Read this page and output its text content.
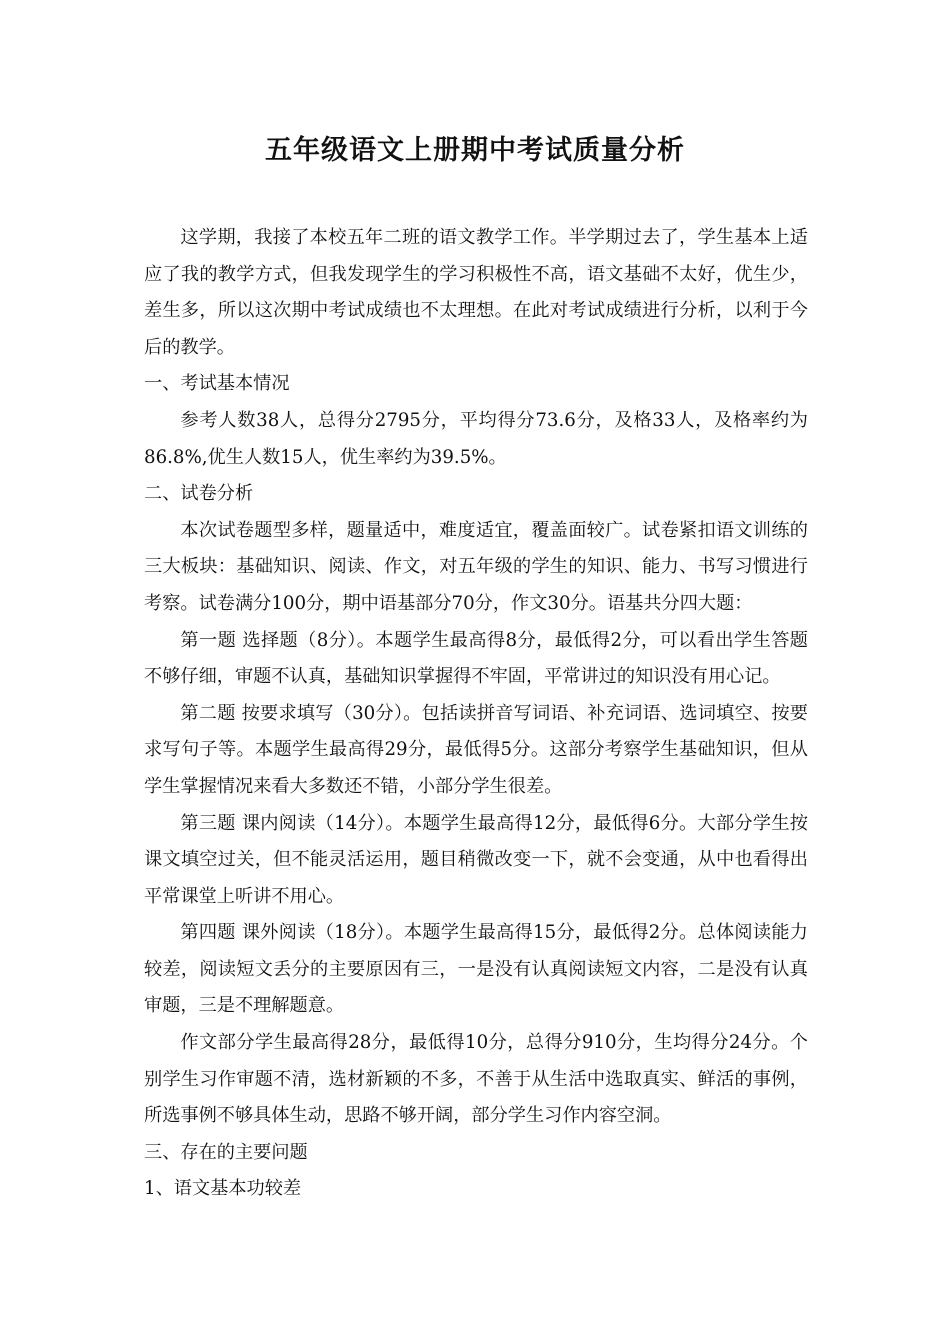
五年级语文上册期中考试质量分析

这学期，我接了本校五年二班的语文教学工作。半学期过去了，学生基本上适应了我的教学方式，但我发现学生的学习积极性不高，语文基础不太好，优生少，差生多，所以这次期中考试成绩也不太理想。在此对考试成绩进行分析，以利于今后的教学。

一、考试基本情况

参考人数38人，总得分2795分，平均得分73.6分，及格33人，及格率约为86.8%,优生人数15人，优生率约为39.5%。

二、试卷分析

本次试卷题型多样，题量适中，难度适宜，覆盖面较广。试卷紧扣语文训练的三大板块：基础知识、阅读、作文，对五年级的学生的知识、能力、书写习惯进行考察。试卷满分100分，期中语基部分70分，作文30分。语基共分四大题：

第一题 选择题（8分）。本题学生最高得8分，最低得2分，可以看出学生答题不够仔细，审题不认真，基础知识掌握得不牢固，平常讲过的知识没有用心记。

第二题 按要求填写（30分）。包括读拼音写词语、补充词语、选词填空、按要求写句子等。本题学生最高得29分，最低得5分。这部分考察学生基础知识，但从学生掌握情况来看大多数还不错，小部分学生很差。

第三题 课内阅读（14分）。本题学生最高得12分，最低得6分。大部分学生按课文填空过关，但不能灵活运用，题目稍微改变一下，就不会变通，从中也看得出平常课堂上听讲不用心。

第四题 课外阅读（18分）。本题学生最高得15分，最低得2分。总体阅读能力较差，阅读短文丢分的主要原因有三，一是没有认真阅读短文内容，二是没有认真审题，三是不理解题意。

作文部分学生最高得28分，最低得10分，总得分910分，生均得分24分。个别学生习作审题不清，选材新颖的不多，不善于从生活中选取真实、鲜活的事例，所选事例不够具体生动，思路不够开阔，部分学生习作内容空洞。

三、存在的主要问题

1、语文基本功较差
